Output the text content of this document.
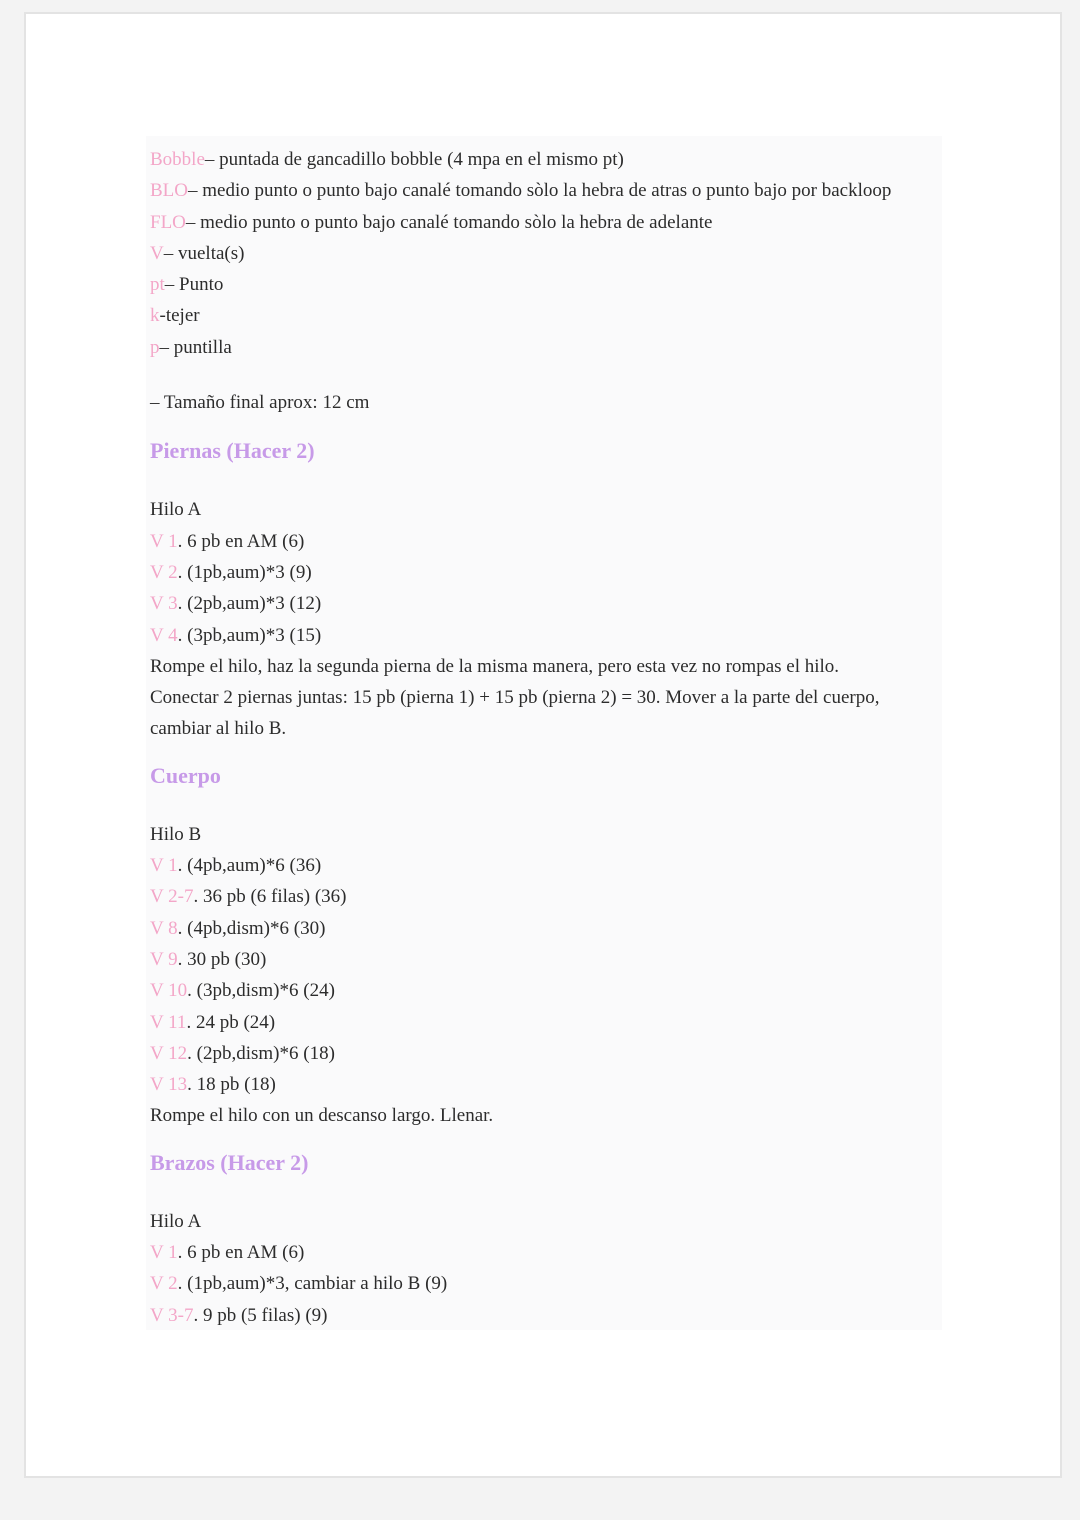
Bobble– puntada de gancadillo bobble (4 mpa en el mismo pt)
BLO– medio punto o punto bajo canalé tomando sòlo la hebra de atras o punto bajo por backloop
FLO– medio punto o punto bajo canalé tomando sòlo la hebra de adelante
V– vuelta(s)
pt– Punto
k-tejer
p– puntilla
– Tamaño final aprox: 12 cm
Piernas (Hacer 2)
Hilo A
V 1. 6 pb en AM (6)
V 2. (1pb,aum)*3 (9)
V 3. (2pb,aum)*3 (12)
V 4. (3pb,aum)*3 (15)
Rompe el hilo, haz la segunda pierna de la misma manera, pero esta vez no rompas el hilo.
Conectar 2 piernas juntas: 15 pb (pierna 1) + 15 pb (pierna 2) = 30. Mover a la parte del cuerpo, cambiar al hilo B.
Cuerpo
Hilo B
V 1. (4pb,aum)*6 (36)
V 2-7. 36 pb (6 filas) (36)
V 8. (4pb,dism)*6 (30)
V 9. 30 pb (30)
V 10. (3pb,dism)*6 (24)
V 11. 24 pb (24)
V 12. (2pb,dism)*6 (18)
V 13. 18 pb (18)
Rompe el hilo con un descanso largo. Llenar.
Brazos (Hacer 2)
Hilo A
V 1. 6 pb en AM (6)
V 2. (1pb,aum)*3, cambiar a hilo B (9)
V 3-7. 9 pb (5 filas) (9)
